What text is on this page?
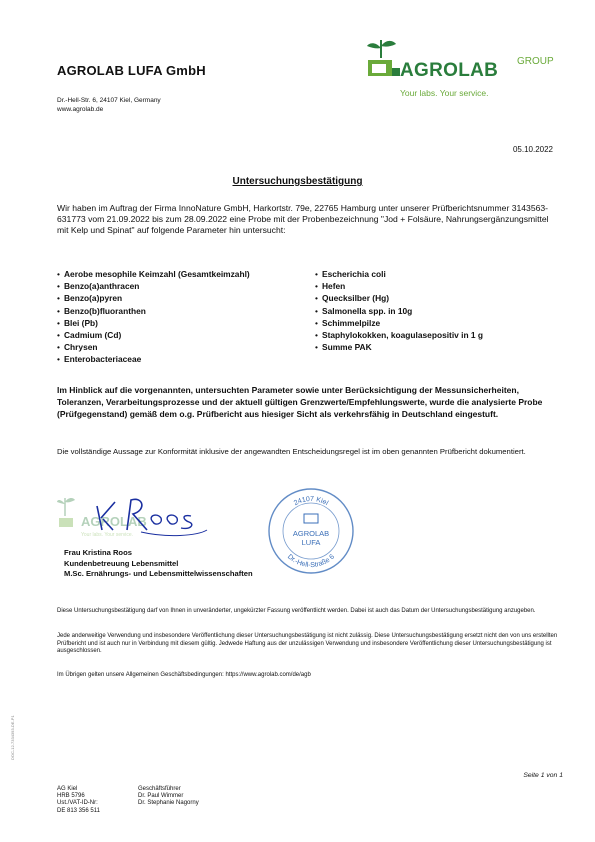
AGROLAB LUFA GmbH
Dr.-Hell-Str. 6, 24107 Kiel, Germany
www.agrolab.de
AGROLAB GROUP
Your labs. Your service.
05.10.2022
Untersuchungsbestätigung
Wir haben im Auftrag der Firma InnoNature GmbH, Harkortstr. 79e, 22765 Hamburg unter unserer Prüfberichtsnummer 3143563-631773 vom 21.09.2022 bis zum 28.09.2022 eine Probe mit der Probenbezeichnung "Jod + Folsäure, Nahrungsergänzungsmittel mit Kelp und Spinat" auf folgende Parameter hin untersucht:
• Aerobe mesophile Keimzahl (Gesamtkeimzahl)
• Benzo(a)anthracen
• Benzo(a)pyren
• Benzo(b)fluoranthen
• Blei (Pb)
• Cadmium (Cd)
• Chrysen
• Enterobacteriaceae
• Escherichia coli
• Hefen
• Quecksilber (Hg)
• Salmonella spp. in 10g
• Schimmelpilze
• Staphylokokken, koagulasepositiv in 1 g
• Summe PAK
Im Hinblick auf die vorgenannten, untersuchten Parameter sowie unter Berücksichtigung der Messunsicherheiten, Toleranzen, Verarbeitungsprozesse und der aktuell gültigen Grenzwerte/Empfehlungswerte, wurde die analysierte Probe (Prüfgegenstand) gemäß dem o.g. Prüfbericht aus hiesiger Sicht als verkehrsfähig in Deutschland eingestuft.
Die vollständige Aussage zur Konformität inklusive der angewandten Entscheidungsregel ist im oben genannten Prüfbericht dokumentiert.
AGROLAB
Your labs. Your service.
24107 Kiel
AGROLAB
LUFA
Dr.-Hell-Straße 6
Frau Kristina Roos
Kundenbetreuung Lebensmittel
M.Sc. Ernährungs- und Lebensmittelwissenschaften
Diese Untersuchungsbestätigung darf von Ihnen in unveränderter, ungekürzter Fassung veröffentlicht werden. Dabei ist auch das Datum der Untersuchungsbestätigung anzugeben.
Jede anderweitige Verwendung und insbesondere Veröffentlichung dieser Untersuchungsbestätigung ist nicht zulässig. Diese Untersuchungsbestätigung ersetzt nicht den von uns erstellten Prüfbericht und ist auch nur in Verbindung mit diesem gültig. Jedwede Haftung aus der unzulässigen Verwendung und insbesondere Veröffentlichung dieser Untersuchungsbestätigung ist ausgeschlossen.
Im Übrigen gelten unsere Allgemeinen Geschäftsbedingungen: https://www.agrolab.com/de/agb
Seite 1 von 1
AG Kiel
HRB 5796
Ust./VAT-ID-Nr:
DE 813 356 511
Geschäftsführer
Dr. Paul Wimmer
Dr. Stephanie Nagorny
DOC-12-7334393-DE-P1
